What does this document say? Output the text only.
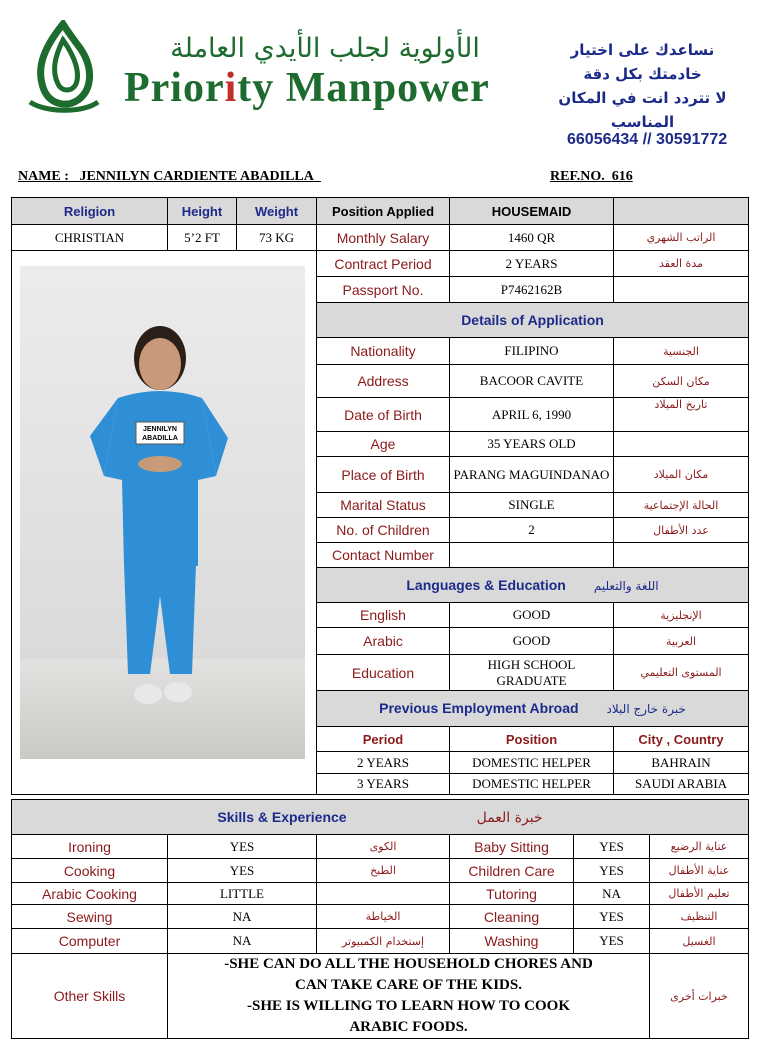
الأولوية لجلب الأيدي العاملة
Priority Manpower
نساعدك على اختيار خادمتك بكل دقة
لا تتردد انت في المكان المناسب
66056434 // 30591772
NAME : JENNILYN CARDIENTE ABADILLA	REF.NO. 616
Religion	Height	Weight	Position Applied	HOUSEMAID	
CHRISTIAN	5’2 FT	73 KG	Monthly Salary	1460 QR	الراتب الشهري

JENNILYN
ABADILLA			Contract Period	2 YEARS	مدة العقد
			Passport No.	P7462162B	
			Details of Application		
			Nationality	FILIPINO	الجنسية
			Address	BACOOR CAVITE	مكان السكن
			Date of Birth	APRIL 6, 1990	تاريخ الميلاد
			Age	35 YEARS OLD	
			Place of Birth	PARANG MAGUINDANAO	مكان الميلاد
			Marital Status	SINGLE	الحالة الإجتماعية
			No. of Children	2	عدد الأطفال
			Contact Number		
			Languages & Education اللغة والتعليم		
			English	GOOD	الإنجليزية
			Arabic	GOOD	العربية
			Education	HIGH SCHOOL GRADUATE	المستوى التعليمي
			Previous Employment Abroad خبرة خارج البلاد		
			Period	Position	City , Country
			2 YEARS	DOMESTIC HELPER	BAHRAIN
			3 YEARS	DOMESTIC HELPER	SAUDI ARABIA
Skills & Experience خبرة العمل					
Ironing	YES	الكوى	Baby Sitting	YES	عناية الرضيع
Cooking	YES	الطبخ	Children Care	YES	عناية الأطفال
Arabic Cooking	LITTLE		Tutoring	NA	تعليم الأطفال
Sewing	NA	الخياطة	Cleaning	YES	التنظيف
Computer	NA	إستخدام الكمبيوتر	Washing	YES	الغسيل
Other Skills	-SHE CAN DO ALL THE HOUSEHOLD CHORES AND
CAN TAKE CARE OF THE KIDS.
-SHE IS WILLING TO LEARN HOW TO COOK
ARABIC FOODS.				خبرات أخرى
